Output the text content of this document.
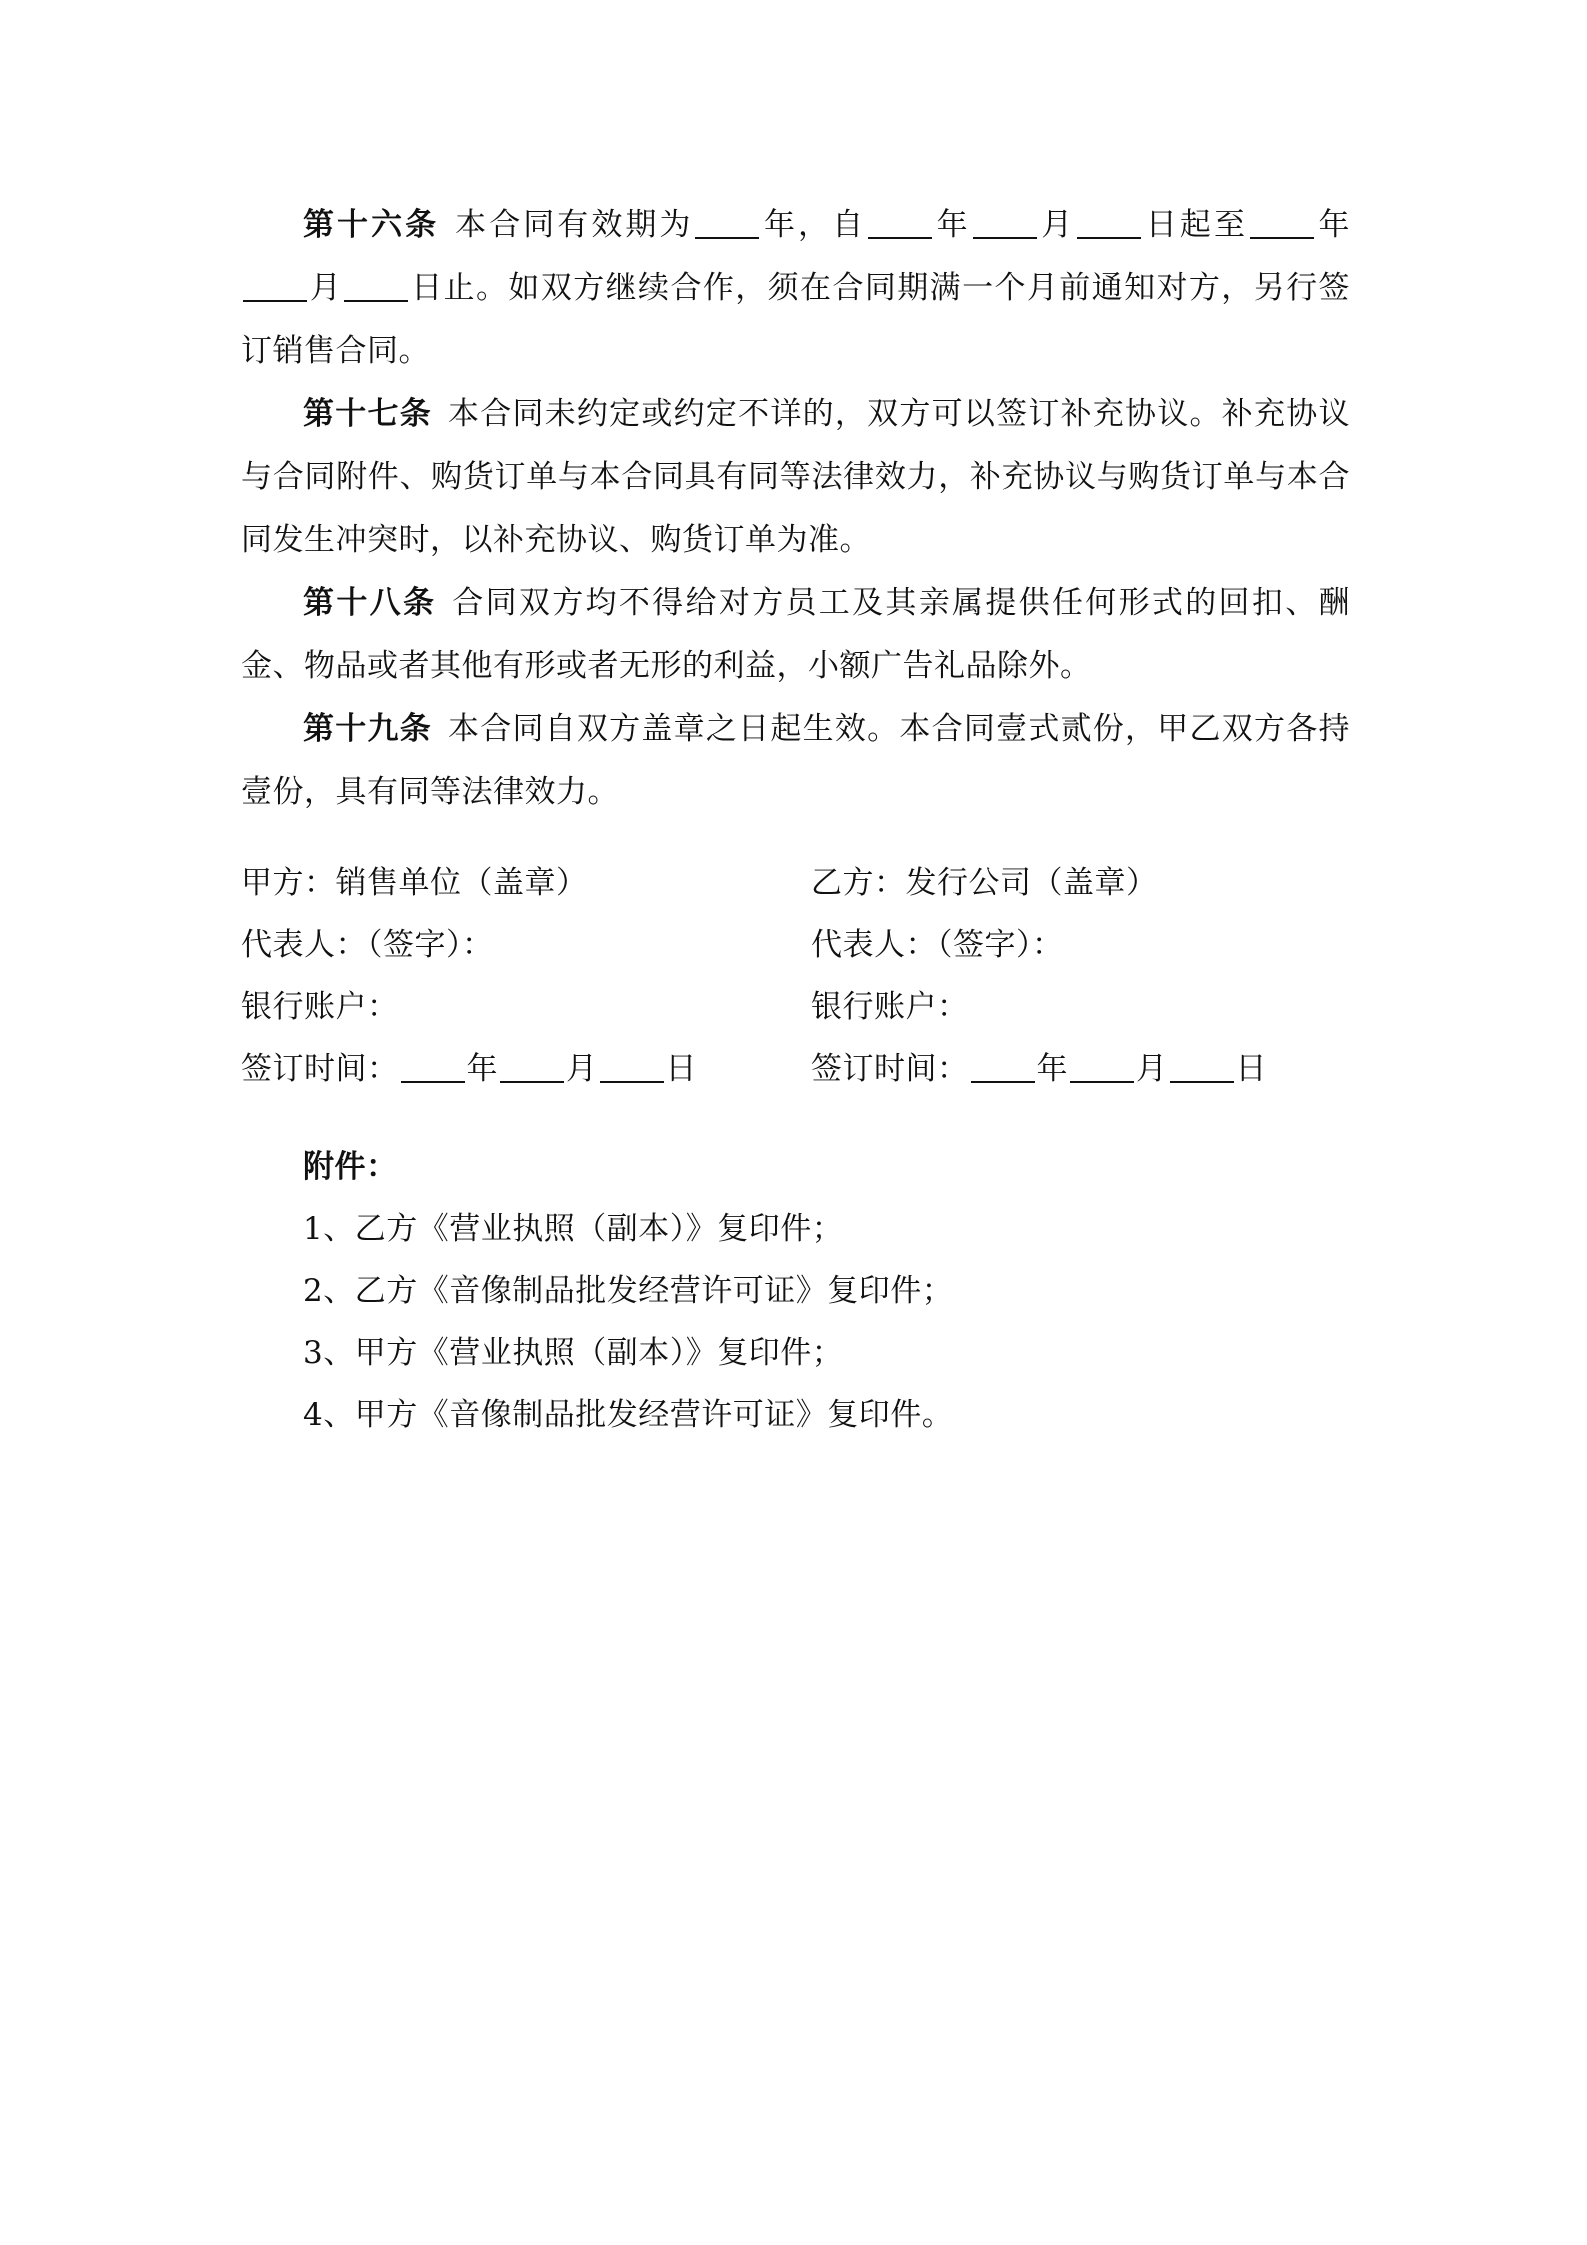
第十六条 本合同有效期为 年，自 年 月 日起至 年月 日止。如双方继续合作，须在合同期满一个月前通知对方，另行签订销售合同。

第十七条 本合同未约定或约定不详的，双方可以签订补充协议。补充协议与合同附件、购货订单与本合同具有同等法律效力，补充协议与购货订单与本合同发生冲突时，以补充协议、购货订单为准。

第十八条 合同双方均不得给对方员工及其亲属提供任何形式的回扣、酬金、物品或者其他有形或者无形的利益，小额广告礼品除外。

第十九条 本合同自双方盖章之日起生效。本合同壹式贰份，甲乙双方各持壹份，具有同等法律效力。

甲方：销售单位（盖章）

代表人：（签字）：

银行账户：

签订时间： 年 月 日

乙方：发行公司（盖章）

代表人：（签字）：

银行账户：

签订时间： 年 月 日

附件：

1、乙方《营业执照（副本）》复印件；

2、乙方《音像制品批发经营许可证》复印件；

3、甲方《营业执照（副本）》复印件；

4、甲方《音像制品批发经营许可证》复印件。
